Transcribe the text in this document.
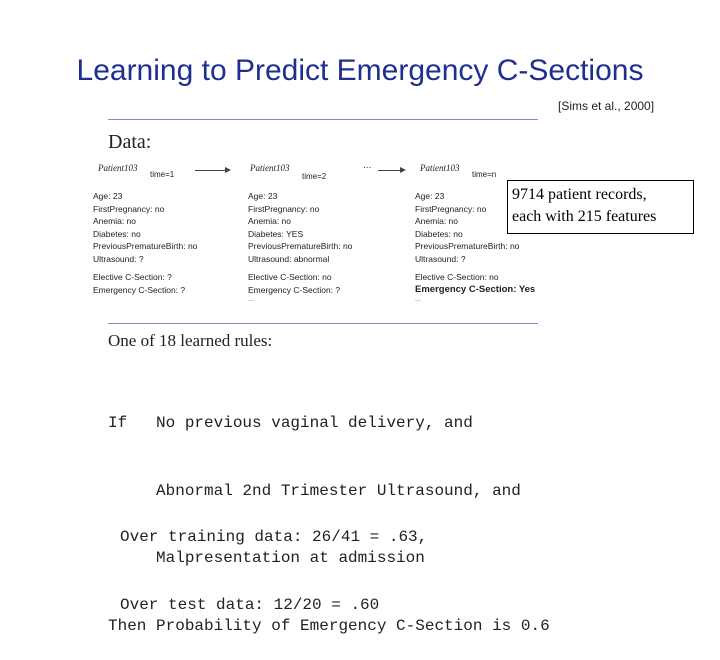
Learning to Predict Emergency C-Sections
[Sims et al., 2000]
Data:
Patient103
time=1
Patient103
time=2
...	Patient103
time=n
Age: 23
FirstPregnancy: no
Anemia: no
Diabetes: no
PreviousPrematureBirth: no
Ultrasound: ?
Elective C-Section: ?
Emergency C-Section: ?
Age: 23
FirstPregnancy: no
Anemia: no
Diabetes: YES
PreviousPrematureBirth: no
Ultrasound: abnormal
Elective C-Section: no
Emergency C-Section: ?
...
Age: 23
FirstPregnancy: no
Anemia: no
Diabetes: no
PreviousPrematureBirth: no
Ultrasound: ?
Elective C-Section: no
Emergency C-Section: Yes
...
9714 patient records,
each with 215 features
One of 18 learned rules:

If   No previous vaginal delivery, and

Abnormal 2nd Trimester Ultrasound, and

Malpresentation at admission

Then Probability of Emergency C-Section is 0.6

Over training data: 26/41 = .63,

Over test data: 12/20 = .60
